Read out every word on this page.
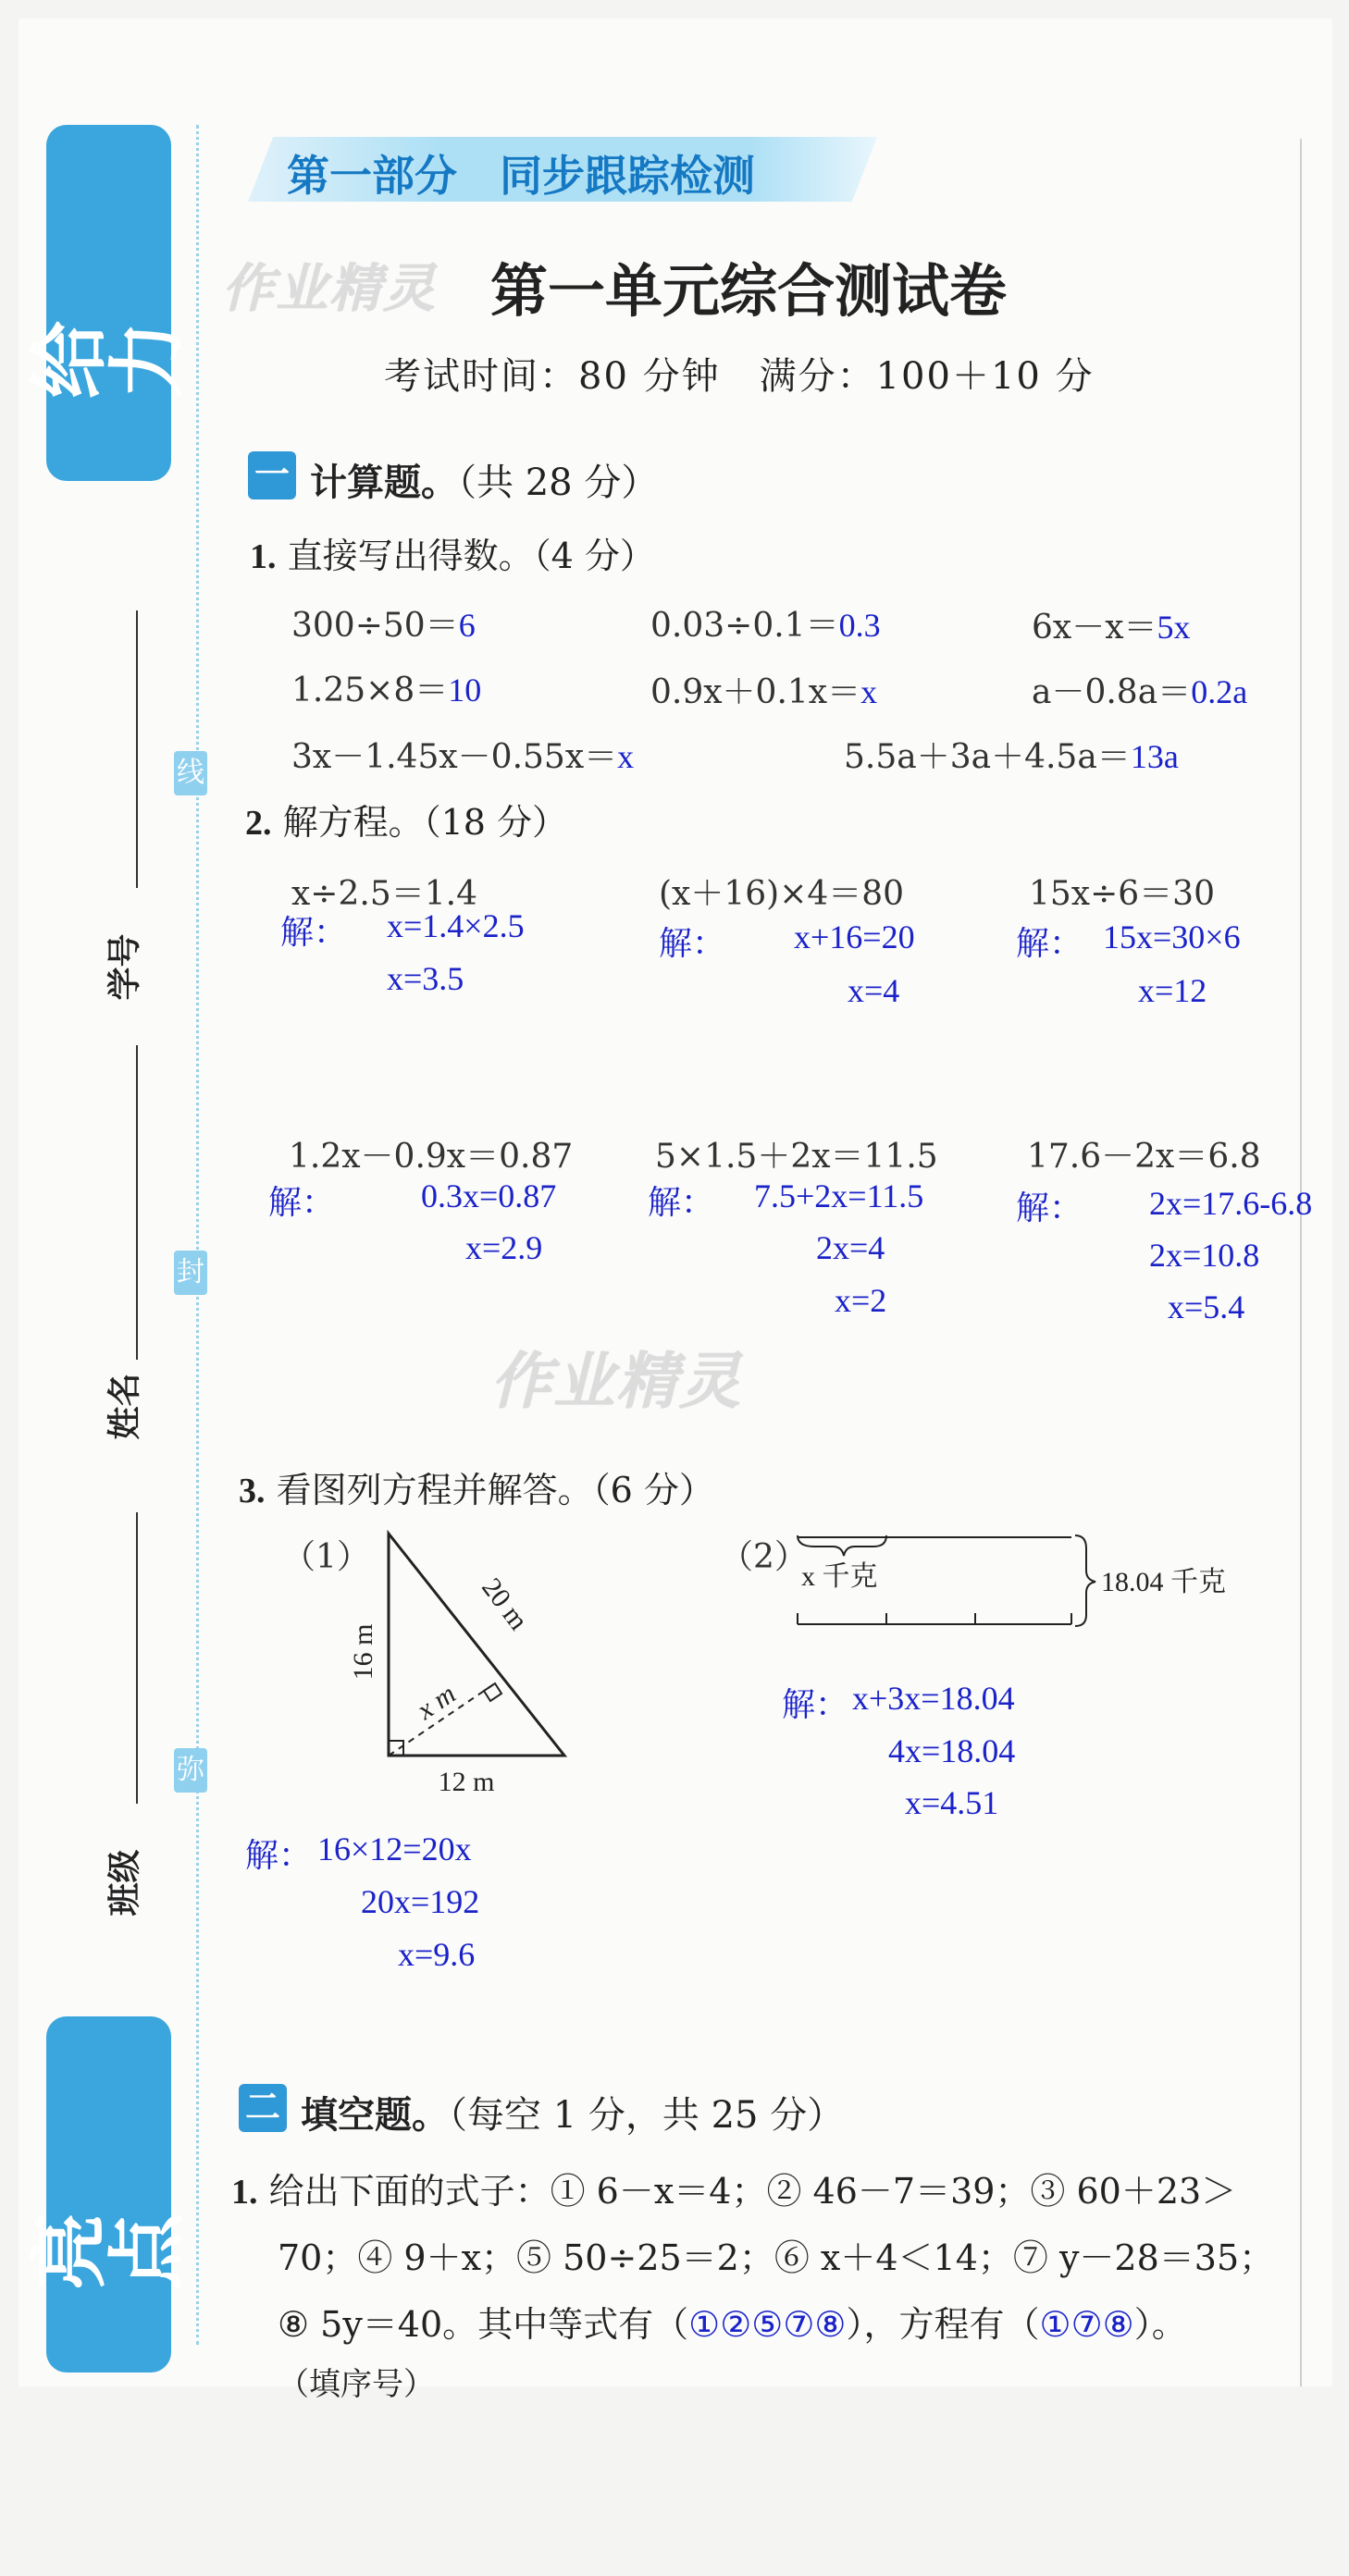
给力
亮点
学号
姓名
班级
线
封
弥
第一部分　同步跟踪检测
作业精灵 第一单元综合测试卷
考试时间：80 分钟　满分：100＋10 分
一 计算题。（共 28 分）
1. 直接写出得数。（4 分）
300÷50＝6	0.03÷0.1＝0.3	6x－x＝5x
1.25×8＝10	0.9x＋0.1x＝x	a－0.8a＝0.2a
3x－1.45x－0.55x＝x	5.5a＋3a＋4.5a＝13a
2. 解方程。（18 分）
x÷2.5＝1.4	(x＋16)×4＝80	15x÷6＝30
解： x=1.4×2.5
x=3.5
解： x+16=20
x=4
解： 15x=30×6
x=12
1.2x－0.9x＝0.87 5×1.5＋2x＝11.5	17.6－2x＝6.8
解：	0.3x=0.87
x=2.9
解： 7.5+2x=11.5
2x=4
x=2
解： 2x=17.6-6.8
2x=10.8
x=5.4
作业精灵
3. 看图列方程并解答。（6 分）
（1）
16 m
12 m
20 m
x m
（2）
x 千克	18.04 千克
解： x+3x=18.04
4x=18.04
x=4.51
解： 16×12=20x
20x=192
x=9.6
二 填空题。（每空 1 分，共 25 分）
1. 给出下面的式子：① 6－x＝4；② 46－7＝39；③ 60＋23＞
70；④ 9＋x；⑤ 50÷25＝2；⑥ x＋4＜14；⑦ y－28＝35；
⑧ 5y＝40。其中等式有（①②⑤⑦⑧），方程有（①⑦⑧）。
（填序号）
